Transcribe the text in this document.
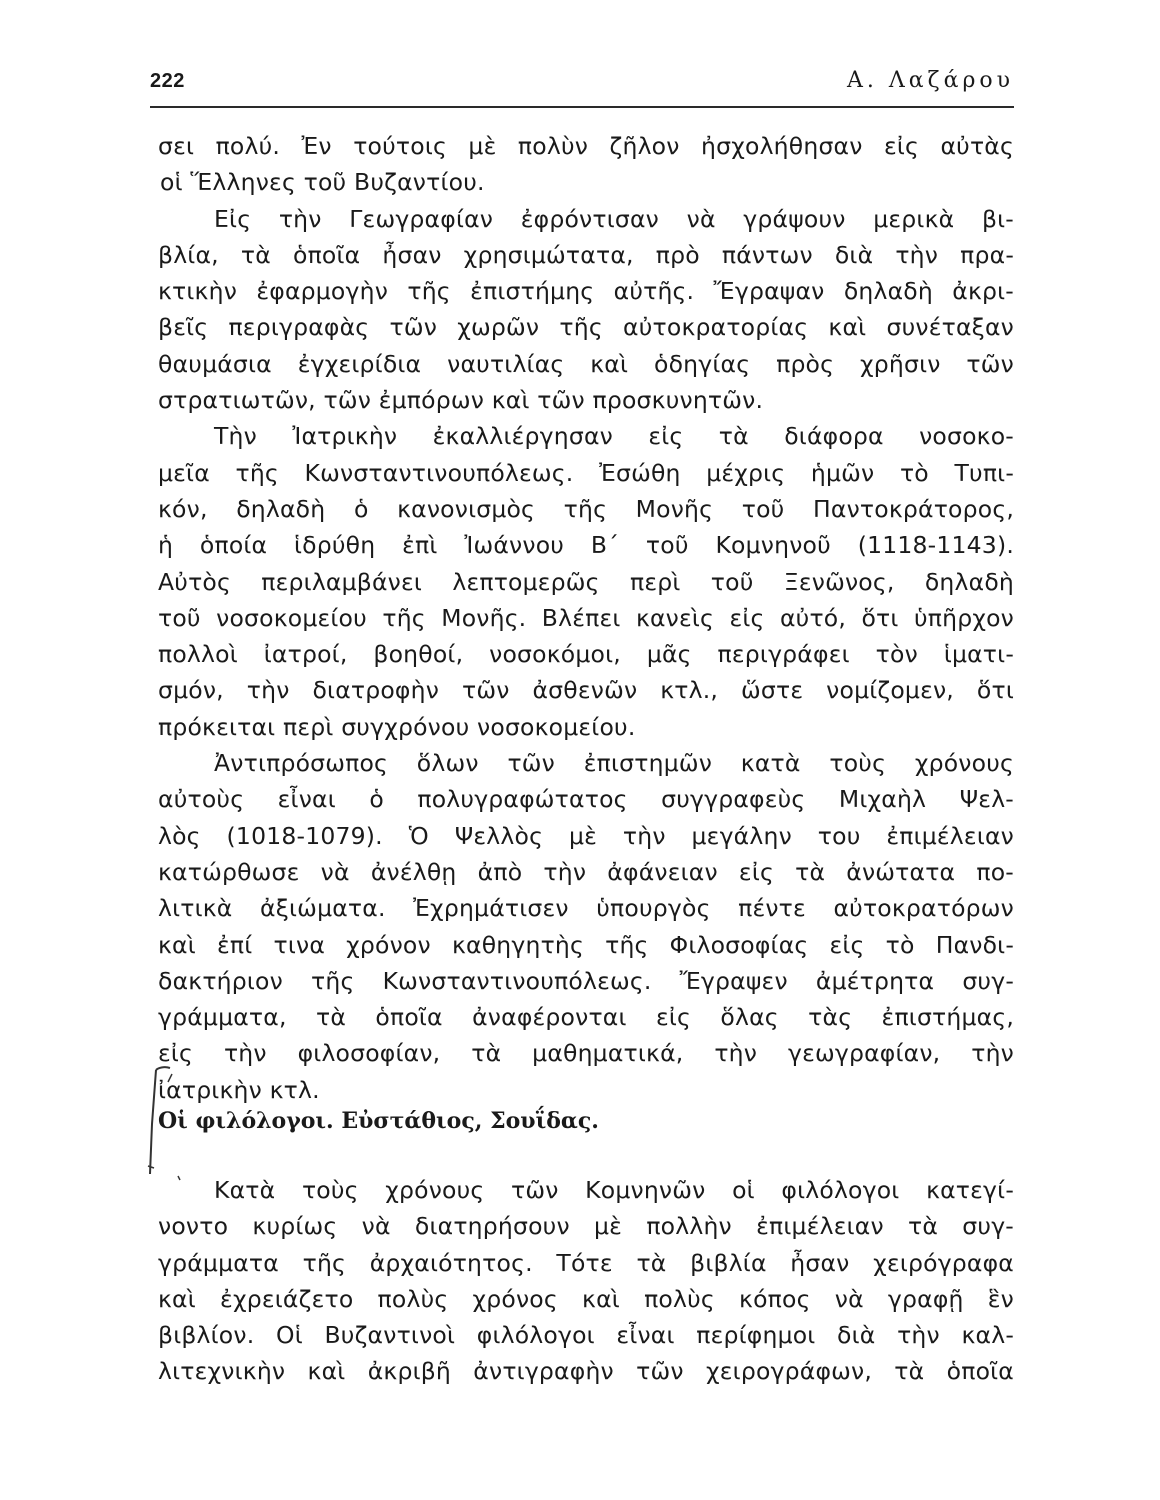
222	Α. Λαζάρου
σει πολύ. Ἐν τούτοις μὲ πολὺν ζῆλον ἠσχολήθησαν εἰς αὐτὰς
οἱ Ἕλληνες τοῦ Βυζαντίου.
Εἰς τὴν Γεωγραφίαν ἐφρόντισαν νὰ γράψουν μερικὰ βι-
βλία, τὰ ὁποῖα ἦσαν χρησιμώτατα, πρὸ πάντων διὰ τὴν πρα-
κτικὴν ἐφαρμογὴν τῆς ἐπιστήμης αὐτῆς. Ἔγραψαν δηλαδὴ ἀκρι-
βεῖς περιγραφὰς τῶν χωρῶν τῆς αὐτοκρατορίας καὶ συνέταξαν
θαυμάσια ἐγχειρίδια ναυτιλίας καὶ ὁδηγίας πρὸς χρῆσιν τῶν
στρατιωτῶν, τῶν ἐμπόρων καὶ τῶν προσκυνητῶν.
Τὴν Ἰατρικὴν ἐκαλλιέργησαν εἰς τὰ διάφορα νοσοκο-
μεῖα τῆς Κωνσταντινουπόλεως. Ἐσώθη μέχρις ἡμῶν τὸ Τυπι-
κόν, δηλαδὴ ὁ κανονισμὸς τῆς Μονῆς τοῦ Παντοκράτορος,
ἡ ὁποία ἱδρύθη ἐπὶ Ἰωάννου Β΄ τοῦ Κομνηνοῦ (1118-1143).
Αὐτὸς περιλαμβάνει λεπτομερῶς περὶ τοῦ Ξενῶνος, δηλαδὴ
τοῦ νοσοκομείου τῆς Μονῆς. Βλέπει κανεὶς εἰς αὐτό, ὅτι ὑπῆρχον
πολλοὶ ἰατροί, βοηθοί, νοσοκόμοι, μᾶς περιγράφει τὸν ἱματι-
σμόν, τὴν διατροφὴν τῶν ἀσθενῶν κτλ., ὥστε νομίζομεν, ὅτι
πρόκειται περὶ συγχρόνου νοσοκομείου.
Ἀντιπρόσωπος ὅλων τῶν ἐπιστημῶν κατὰ τοὺς χρόνους
αὐτοὺς εἶναι ὁ πολυγραφώτατος συγγραφεὺς Μιχαὴλ Ψελ-
λὸς (1018-1079). Ὁ Ψελλὸς μὲ τὴν μεγάλην του ἐπιμέλειαν
κατώρθωσε νὰ ἀνέλθῃ ἀπὸ τὴν ἀφάνειαν εἰς τὰ ἀνώτατα πο-
λιτικὰ ἀξιώματα. Ἐχρημάτισεν ὑπουργὸς πέντε αὐτοκρατόρων
καὶ ἐπί τινα χρόνον καθηγητὴς τῆς Φιλοσοφίας εἰς τὸ Πανδι-
δακτήριον τῆς Κωνσταντινουπόλεως. Ἔγραψεν ἀμέτρητα συγ-
γράμματα, τὰ ὁποῖα ἀναφέρονται εἰς ὅλας τὰς ἐπιστήμας,
εἰς τὴν φιλοσοφίαν, τὰ μαθηματικά, τὴν γεωγραφίαν, τὴν
ἰατρικὴν κτλ.
Οἱ φιλόλογοι. Εὐστάθιος, Σουΐδας.
Κατὰ τοὺς χρόνους τῶν Κομνηνῶν οἱ φιλόλογοι κατεγί-
νοντο κυρίως νὰ διατηρήσουν μὲ πολλὴν ἐπιμέλειαν τὰ συγ-
γράμματα τῆς ἀρχαιότητος. Τότε τὰ βιβλία ἦσαν χειρόγραφα
καὶ ἐχρειάζετο πολὺς χρόνος καὶ πολὺς κόπος νὰ γραφῇ ἓν
βιβλίον. Οἱ Βυζαντινοὶ φιλόλογοι εἶναι περίφημοι διὰ τὴν καλ-
λιτεχνικὴν καὶ ἀκριβῆ ἀντιγραφὴν τῶν χειρογράφων, τὰ ὁποῖα
